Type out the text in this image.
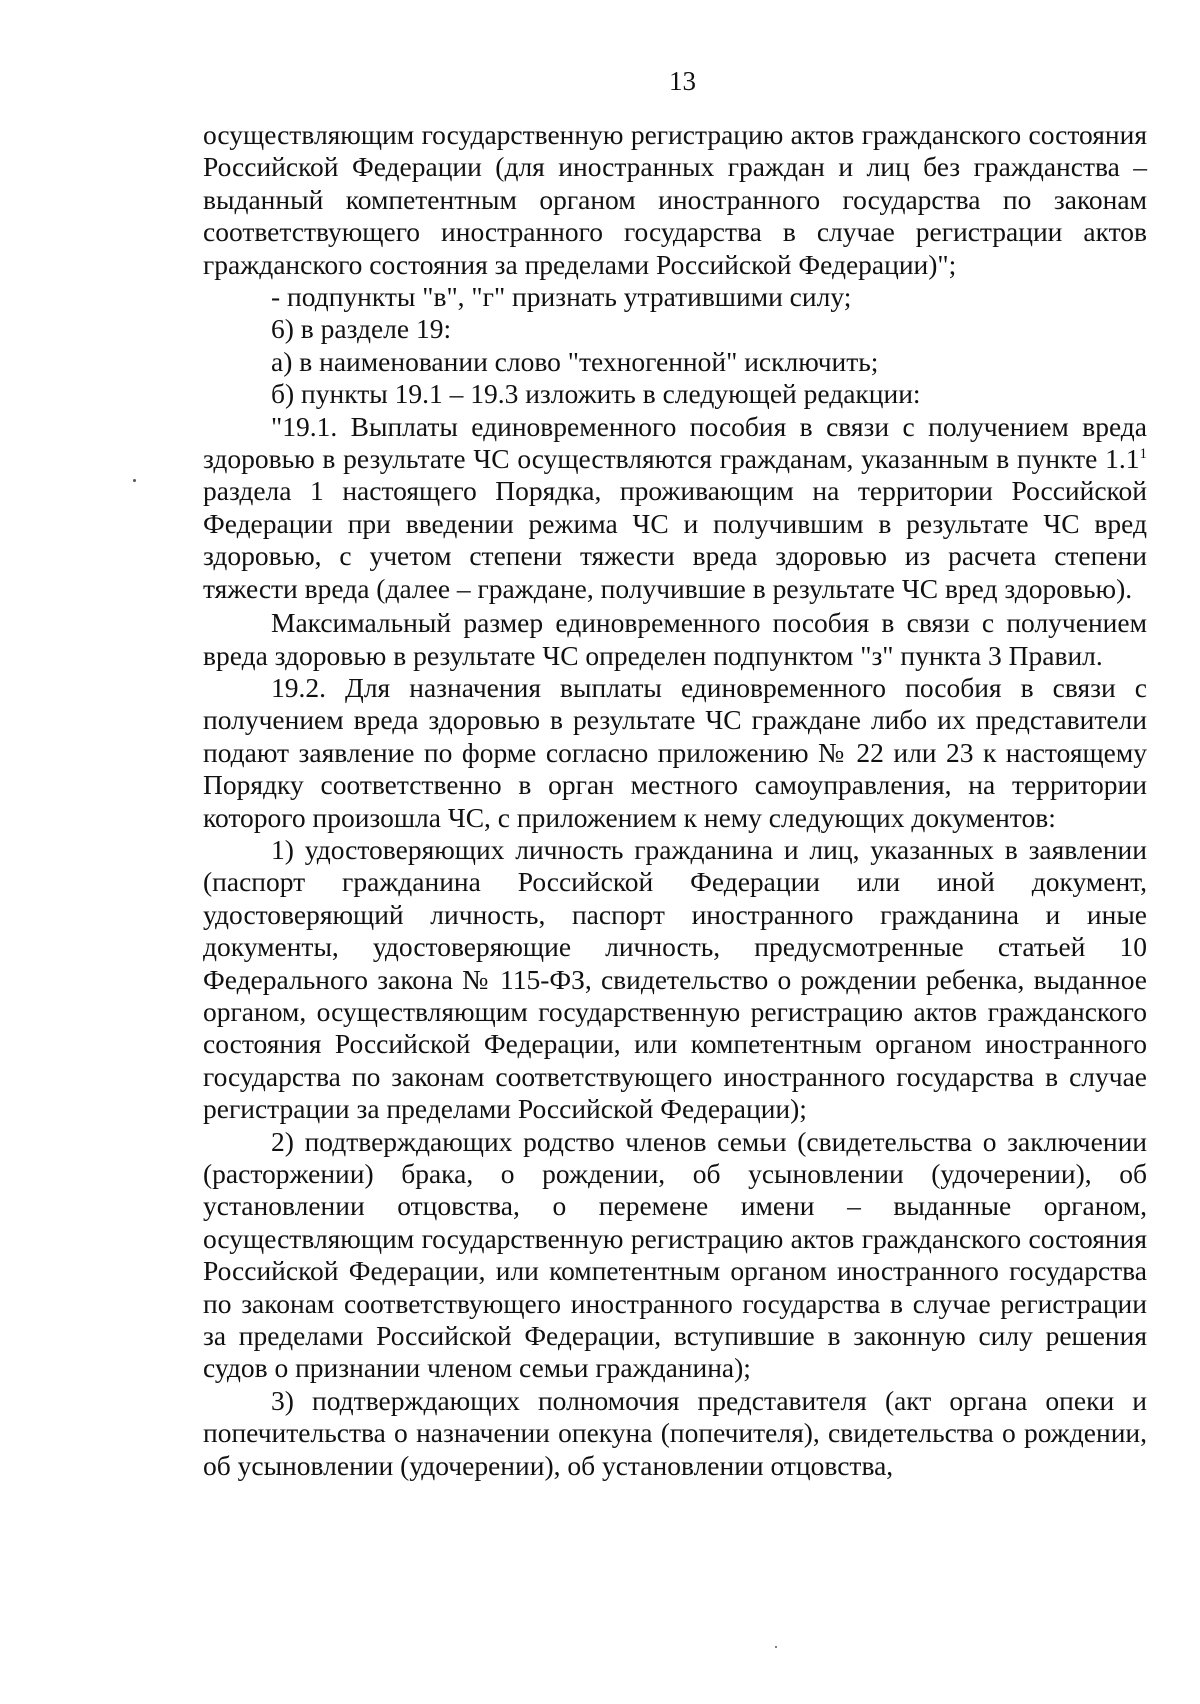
13

осуществляющим государственную регистрацию актов гражданского состояния Российской Федерации (для иностранных граждан и лиц без гражданства – выданный компетентным органом иностранного государства по законам соответствующего иностранного государства в случае регистрации актов гражданского состояния за пределами Российской Федерации)";

- подпункты "в", "г" признать утратившими силу;

6) в разделе 19:

а) в наименовании слово "техногенной" исключить;

б) пункты 19.1 – 19.3 изложить в следующей редакции:

"19.1. Выплаты единовременного пособия в связи с получением вреда здоровью в результате ЧС осуществляются гражданам, указанным в пункте $1.1^1$ раздела 1 настоящего Порядка, проживающим на территории Российской Федерации при введении режима ЧС и получившим в результате ЧС вред здоровью, с учетом степени тяжести вреда здоровью из расчета степени тяжести вреда (далее – граждане, получившие в результате ЧС вред здоровью).

Максимальный размер единовременного пособия в связи с получением вреда здоровью в результате ЧС определен подпунктом "з" пункта 3 Правил.

19.2. Для назначения выплаты единовременного пособия в связи с получением вреда здоровью в результате ЧС граждане либо их представители подают заявление по форме согласно приложению № 22 или 23 к настоящему Порядку соответственно в орган местного самоуправления, на территории которого произошла ЧС, с приложением к нему следующих документов:

1) удостоверяющих личность гражданина и лиц, указанных в заявлении (паспорт гражданина Российской Федерации или иной документ, удостоверяющий личность, паспорт иностранного гражданина и иные документы, удостоверяющие личность, предусмотренные статьей 10 Федерального закона № 115-ФЗ, свидетельство о рождении ребенка, выданное органом, осуществляющим государственную регистрацию актов гражданского состояния Российской Федерации, или компетентным органом иностранного государства по законам соответствующего иностранного государства в случае регистрации за пределами Российской Федерации);

2) подтверждающих родство членов семьи (свидетельства о заключении (расторжении) брака, о рождении, об усыновлении (удочерении), об установлении отцовства, о перемене имени – выданные органом, осуществляющим государственную регистрацию актов гражданского состояния Российской Федерации, или компетентным органом иностранного государства по законам соответствующего иностранного государства в случае регистрации за пределами Российской Федерации, вступившие в законную силу решения судов о признании членом семьи гражданина);

3) подтверждающих полномочия представителя (акт органа опеки и попечительства о назначении опекуна (попечителя), свидетельства о рождении, об усыновлении (удочерении), об установлении отцовства,
